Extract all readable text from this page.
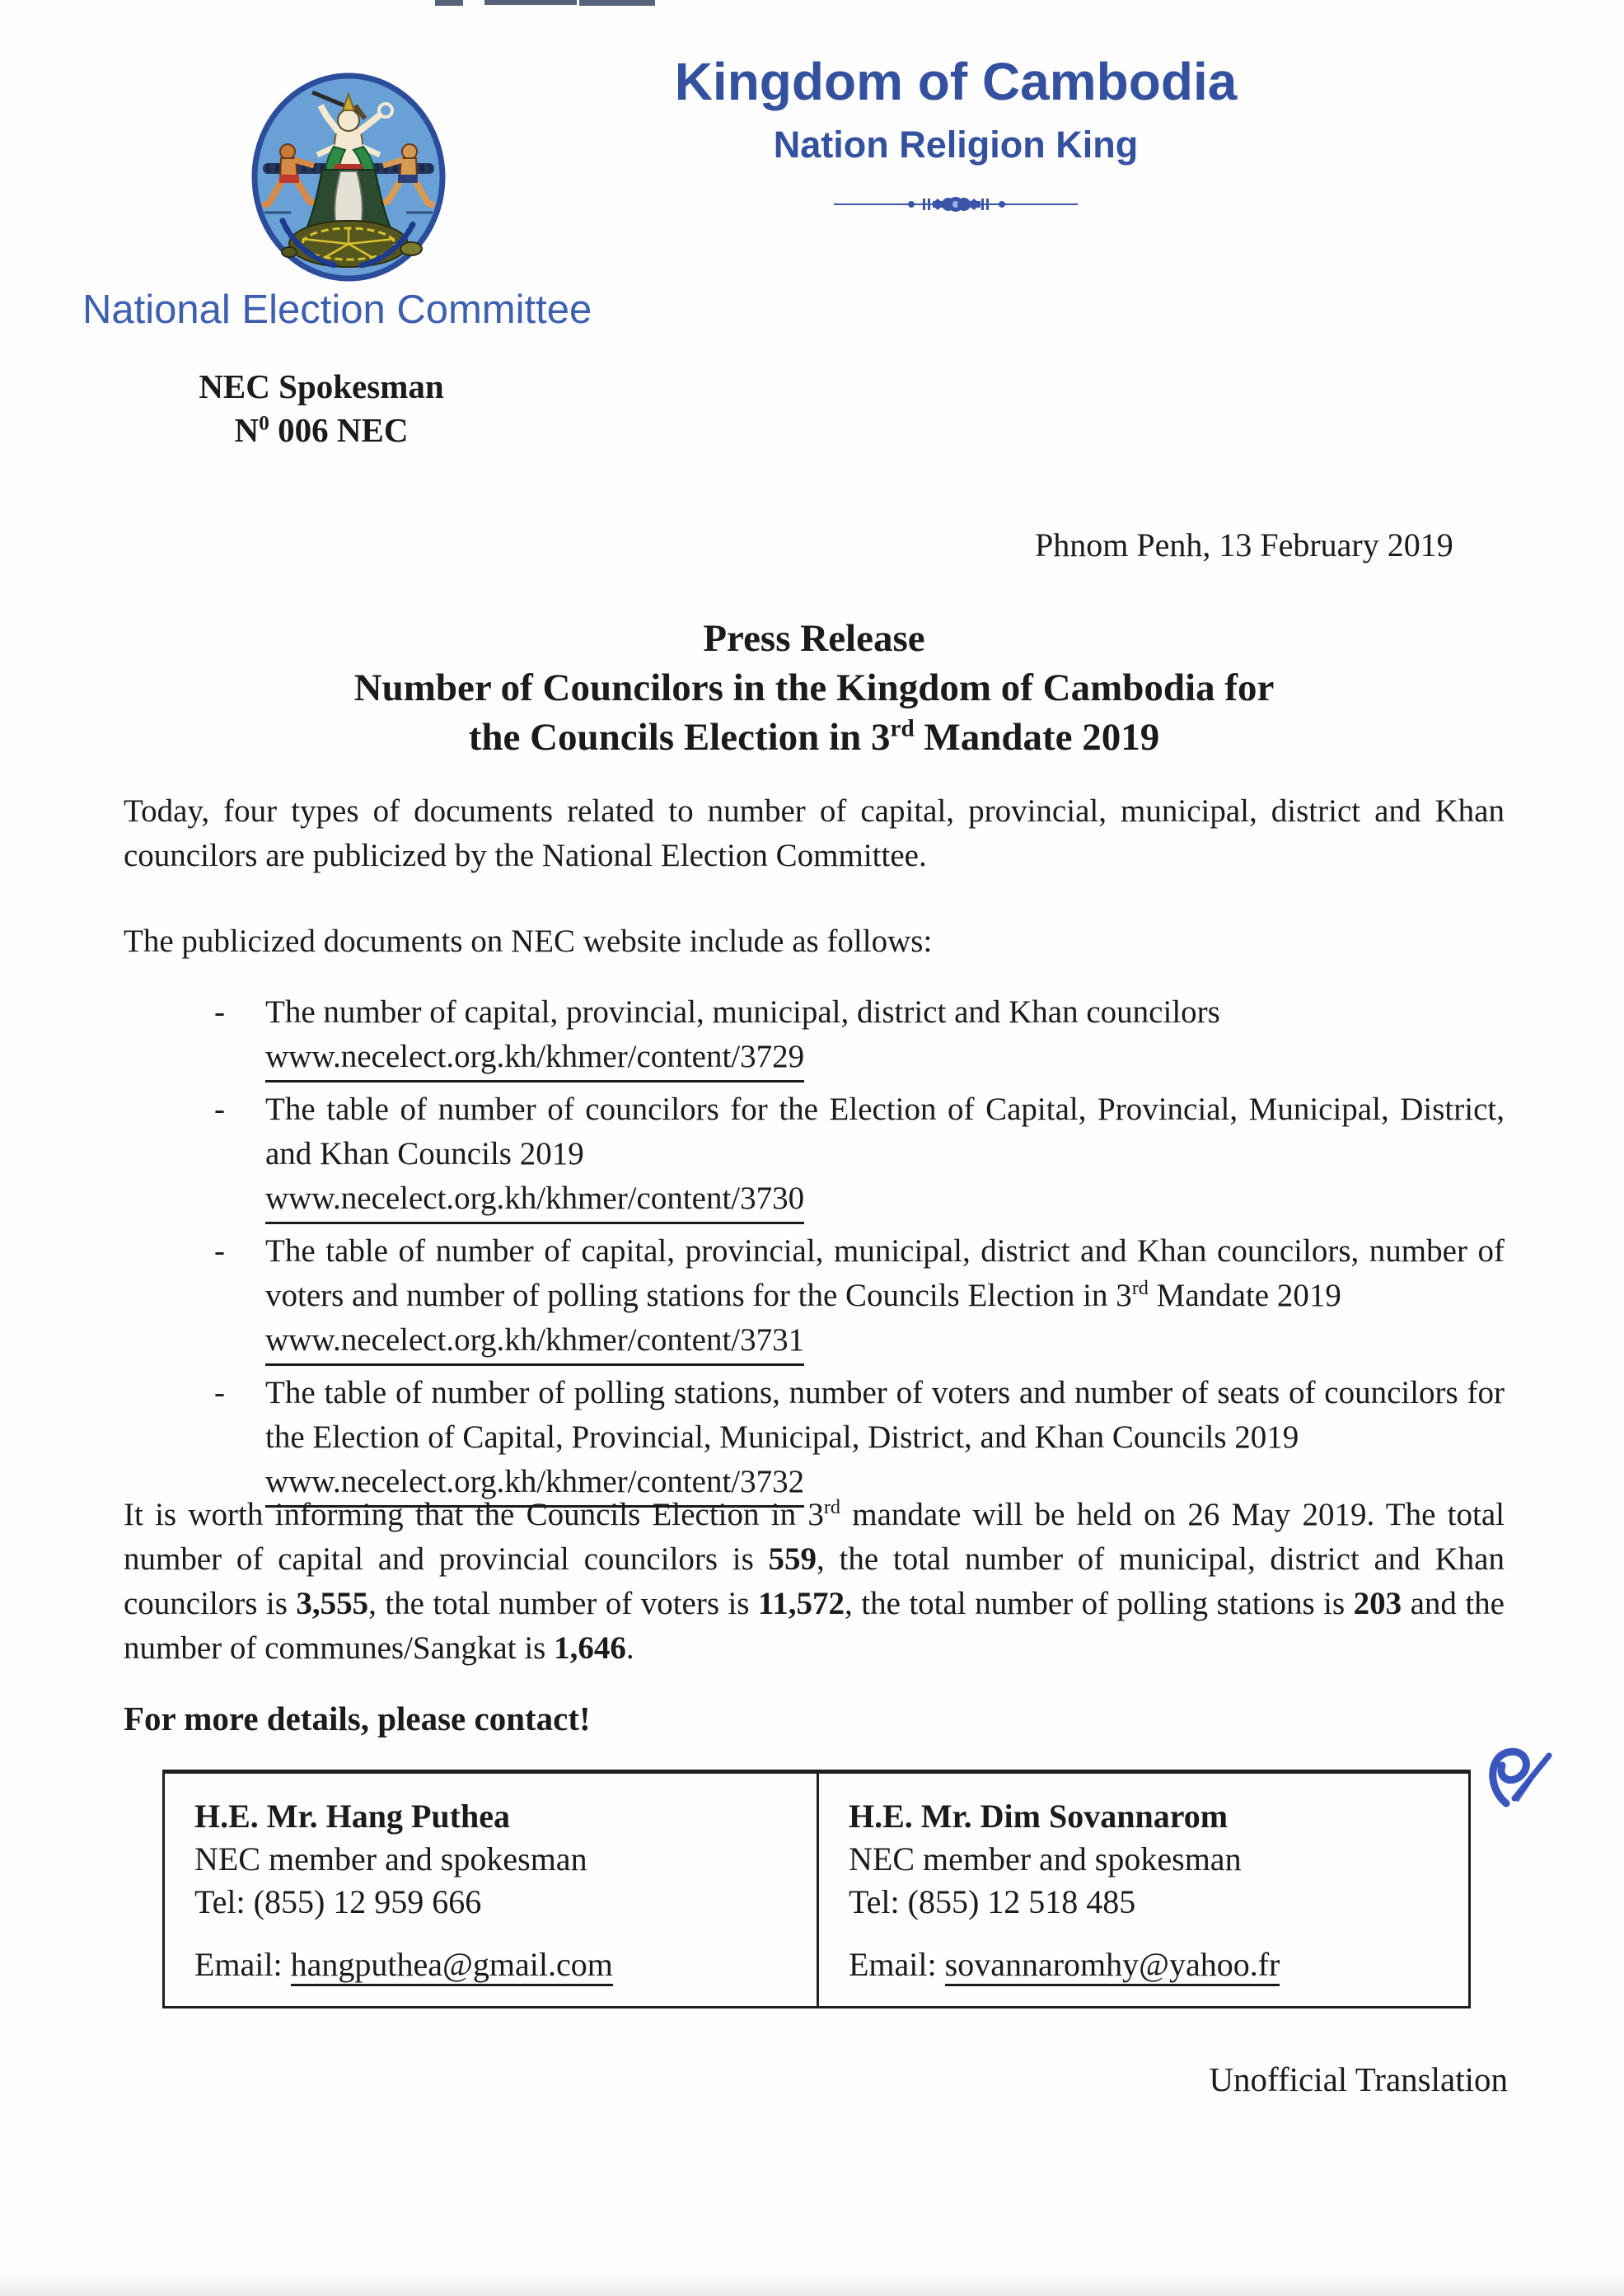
Kingdom of Cambodia
Nation Religion King
National Election Committee
NEC Spokesman
$N^0$ 006 NEC
Phnom Penh, 13 February 2019
Press Release
Number of Councilors in the Kingdom of Cambodia for
the Councils Election in 3rd Mandate 2019
Today, four types of documents related to number of capital, provincial, municipal, district and Khan councilors are publicized by the National Election Committee.
The publicized documents on NEC website include as follows:
-	The number of capital, provincial, municipal, district and Khan councilors
www.necelect.org.kh/khmer/content/3729
-	The table of number of councilors for the Election of Capital, Provincial, Municipal, District, and Khan Councils 2019
www.necelect.org.kh/khmer/content/3730
-	The table of number of capital, provincial, municipal, district and Khan councilors, number of voters and number of polling stations for the Councils Election in 3rd Mandate 2019
www.necelect.org.kh/khmer/content/3731
-	The table of number of polling stations, number of voters and number of seats of councilors for the Election of Capital, Provincial, Municipal, District, and Khan Councils 2019
www.necelect.org.kh/khmer/content/3732
It is worth informing that the Councils Election in 3rd mandate will be held on 26 May 2019. The total number of capital and provincial councilors is 559, the total number of municipal, district and Khan councilors is 3,555, the total number of voters is 11,572, the total number of polling stations is 203 and the number of communes/Sangkat is 1,646.
For more details, please contact!
H.E. Mr. Hang Puthea
NEC member and spokesman
Tel: (855) 12 959 666
Email: hangputhea@gmail.com
H.E. Mr. Dim Sovannarom
NEC member and spokesman
Tel: (855) 12 518 485
Email: sovannaromhy@yahoo.fr
Unofficial Translation
